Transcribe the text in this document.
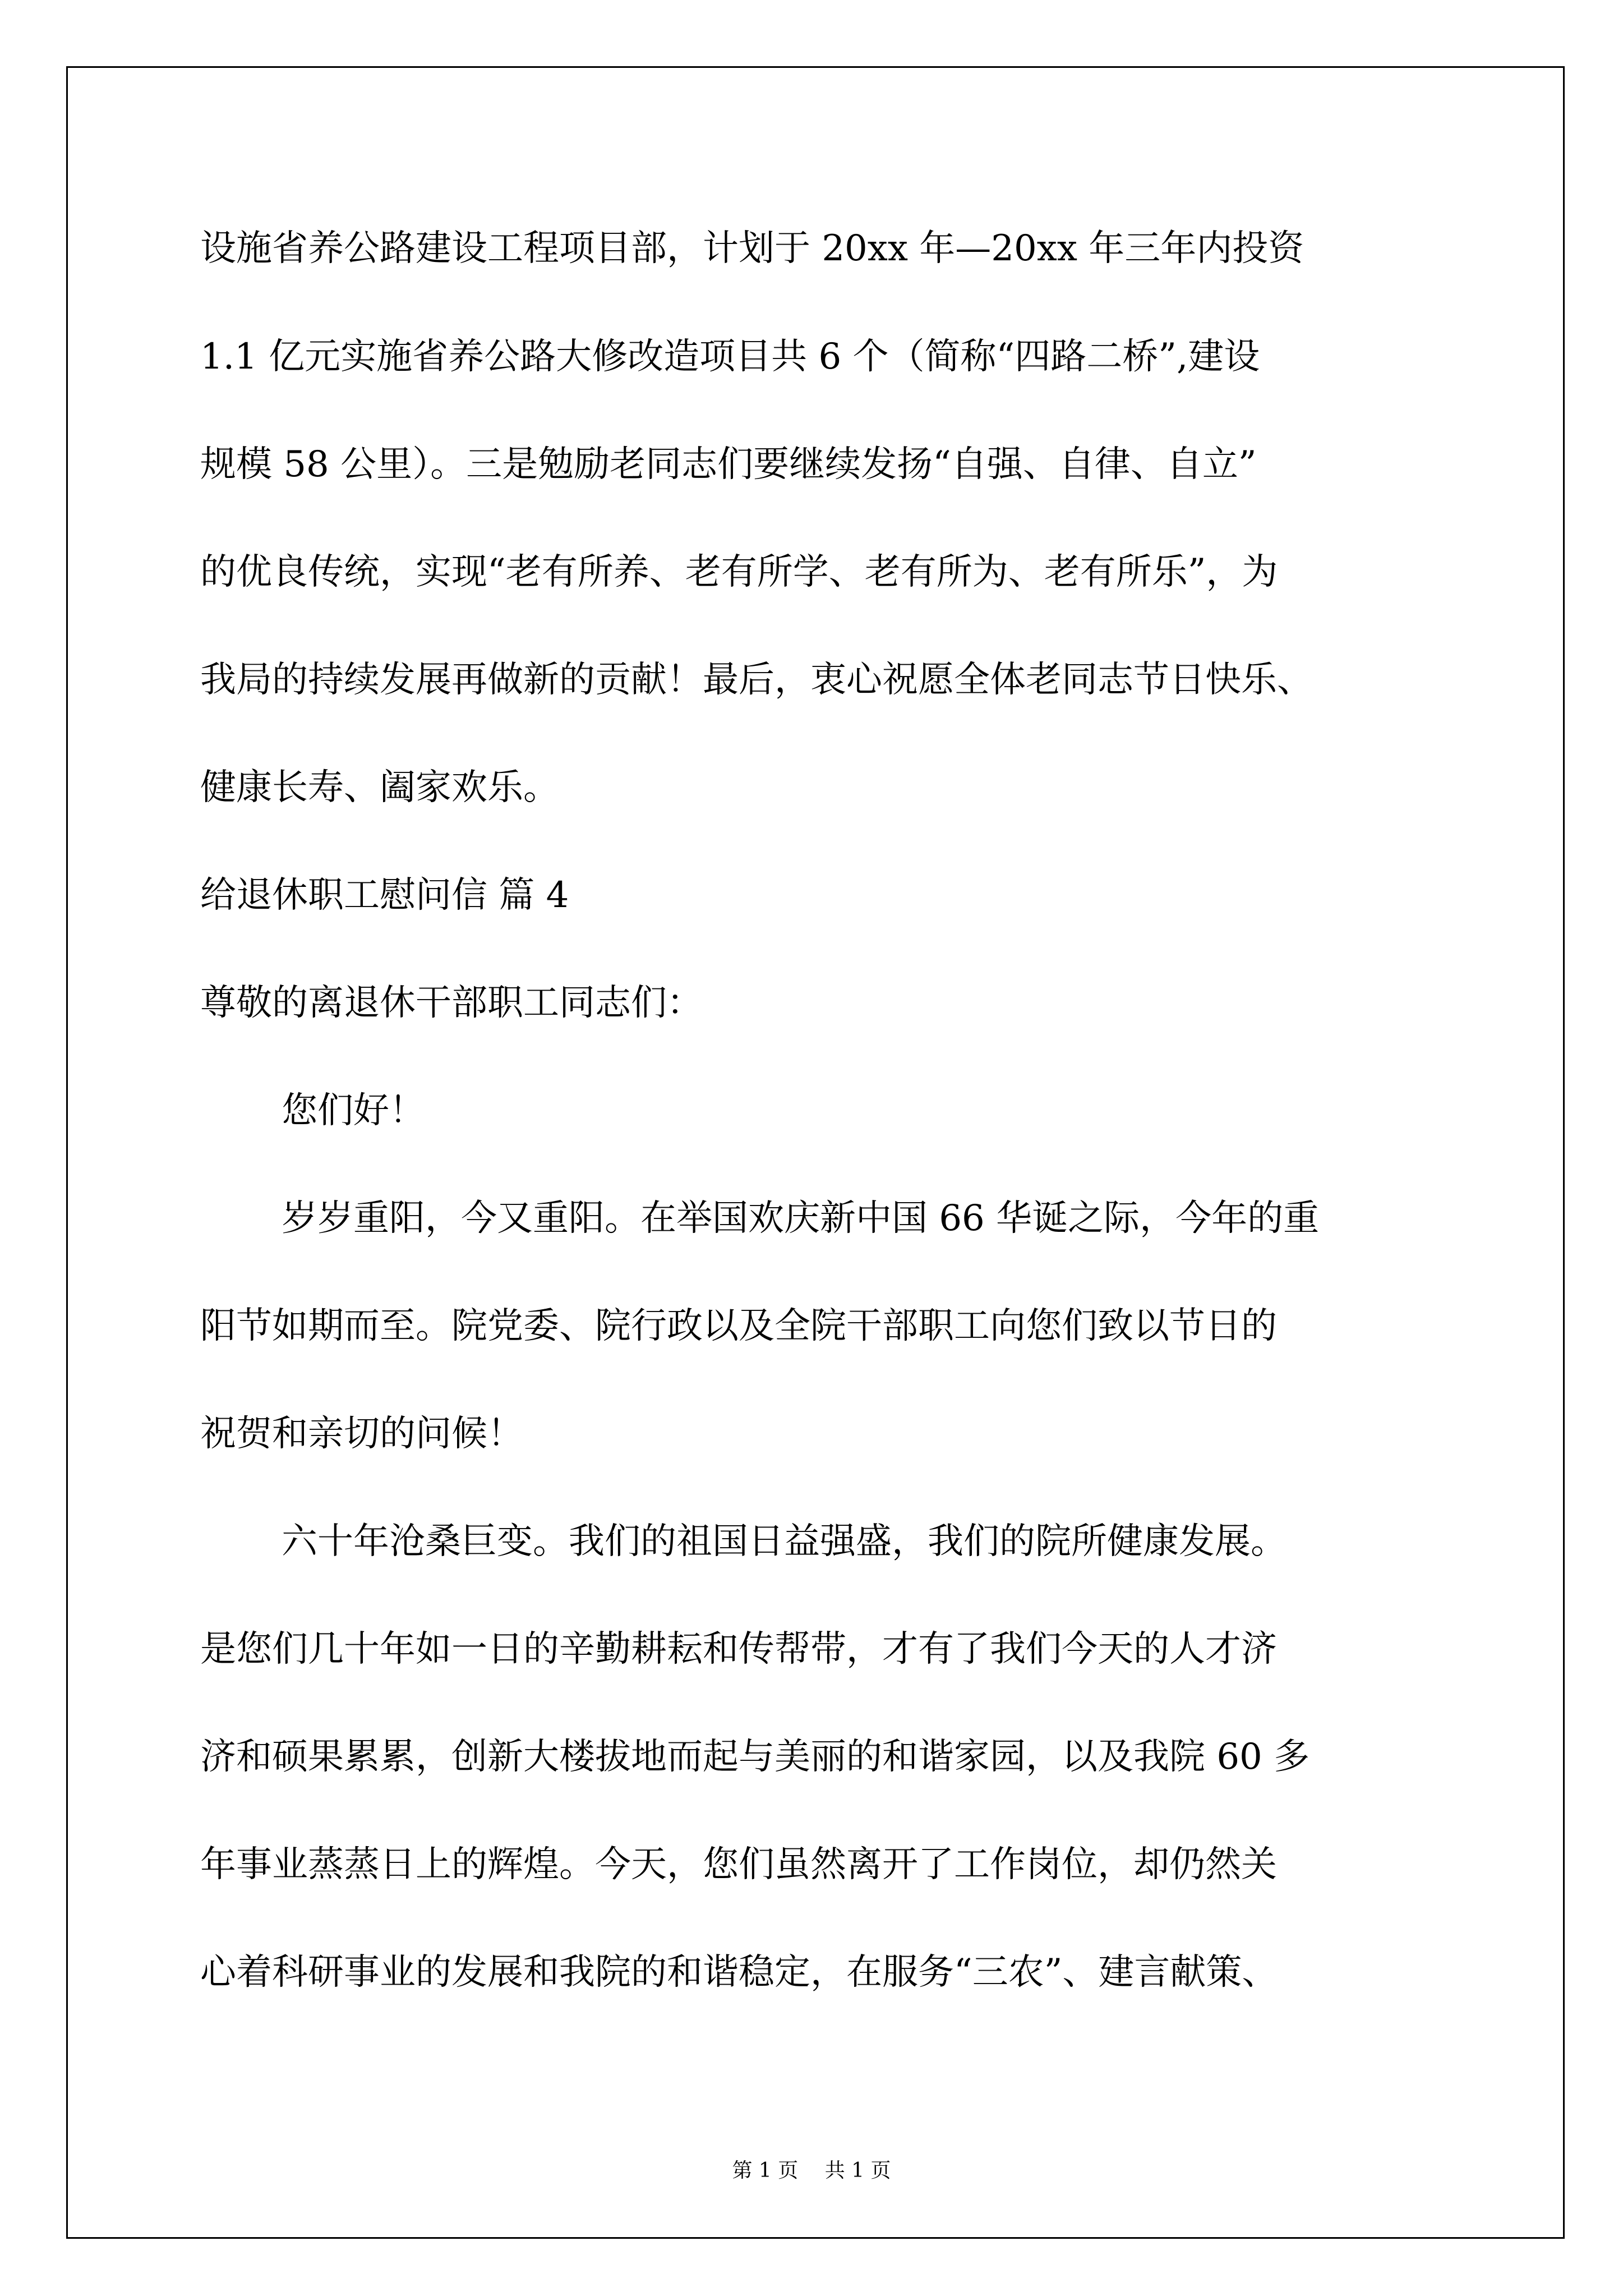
设施省养公路建设工程项目部，计划于 20xx 年—20xx 年三年内投资

1.1 亿元实施省养公路大修改造项目共 6 个（简称“四路二桥”,建设

规模 58 公里）。三是勉励老同志们要继续发扬“自强、自律、自立”

的优良传统，实现“老有所养、老有所学、老有所为、老有所乐”，为

我局的持续发展再做新的贡献！最后，衷心祝愿全体老同志节日快乐、

健康长寿、阖家欢乐。

给退休职工慰问信 篇 4

尊敬的离退休干部职工同志们：

您们好！

岁岁重阳，今又重阳。在举国欢庆新中国 66 华诞之际，今年的重

阳节如期而至。院党委、院行政以及全院干部职工向您们致以节日的

祝贺和亲切的问候！

六十年沧桑巨变。我们的祖国日益强盛，我们的院所健康发展。

是您们几十年如一日的辛勤耕耘和传帮带，才有了我们今天的人才济

济和硕果累累，创新大楼拔地而起与美丽的和谐家园，以及我院 60 多

年事业蒸蒸日上的辉煌。今天，您们虽然离开了工作岗位，却仍然关

心着科研事业的发展和我院的和谐稳定，在服务“三农”、建言献策、

第 1 页 共 1 页
